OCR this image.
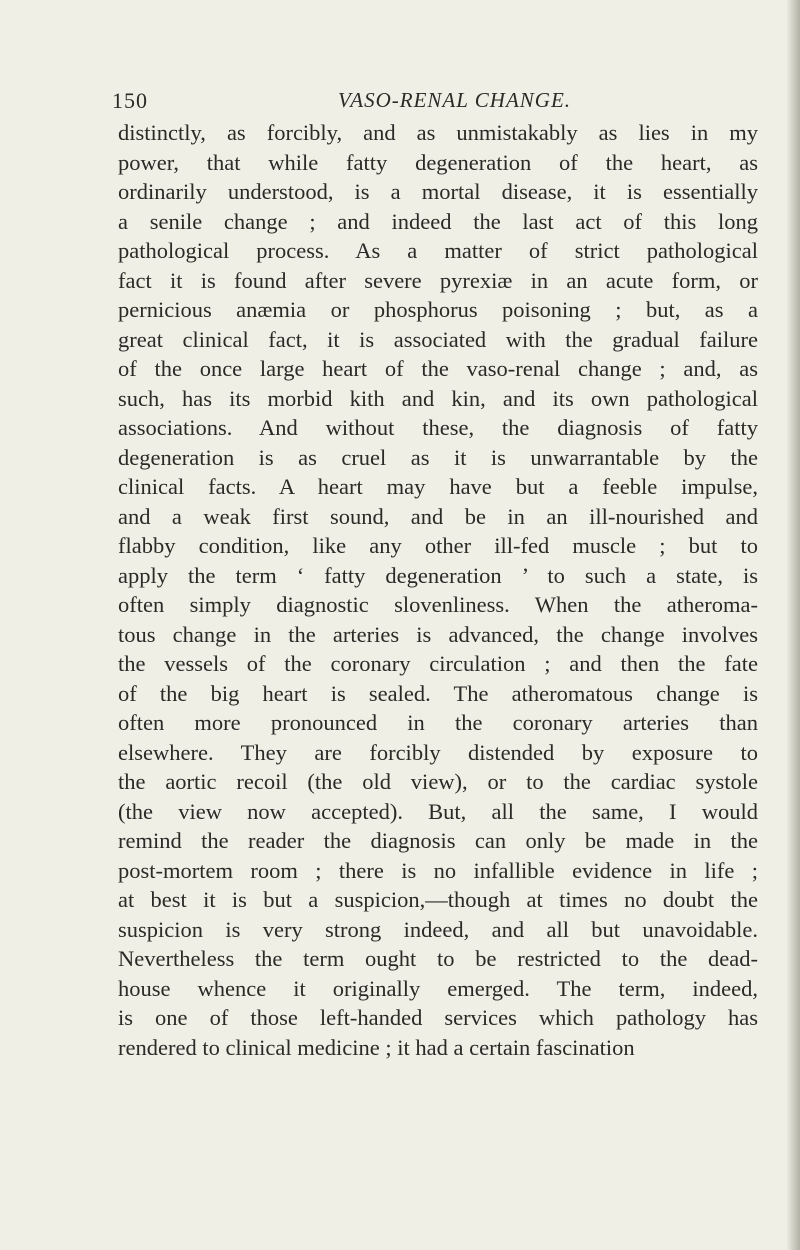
150	VASO-RENAL CHANGE.
distinctly, as forcibly, and as unmistakably as lies in my
power, that while fatty degeneration of the heart, as
ordinarily understood, is a mortal disease, it is essentially
a senile change ; and indeed the last act of this long
pathological process. As a matter of strict pathological
fact it is found after severe pyrexiæ in an acute form, or
pernicious anæmia or phosphorus poisoning ; but, as a
great clinical fact, it is associated with the gradual failure
of the once large heart of the vaso-renal change ; and, as
such, has its morbid kith and kin, and its own pathological
associations. And without these, the diagnosis of fatty
degeneration is as cruel as it is unwarrantable by the
clinical facts. A heart may have but a feeble impulse,
and a weak first sound, and be in an ill-nourished and
flabby condition, like any other ill-fed muscle ; but to
apply the term ‘ fatty degeneration ’ to such a state, is
often simply diagnostic slovenliness. When the atheroma-
tous change in the arteries is advanced, the change involves
the vessels of the coronary circulation ; and then the fate
of the big heart is sealed. The atheromatous change is
often more pronounced in the coronary arteries than
elsewhere. They are forcibly distended by exposure to
the aortic recoil (the old view), or to the cardiac systole
(the view now accepted). But, all the same, I would
remind the reader the diagnosis can only be made in the
post-mortem room ; there is no infallible evidence in life ;
at best it is but a suspicion,—though at times no doubt the
suspicion is very strong indeed, and all but unavoidable.
Nevertheless the term ought to be restricted to the dead-
house whence it originally emerged. The term, indeed,
is one of those left-handed services which pathology has
rendered to clinical medicine ; it had a certain fascination
